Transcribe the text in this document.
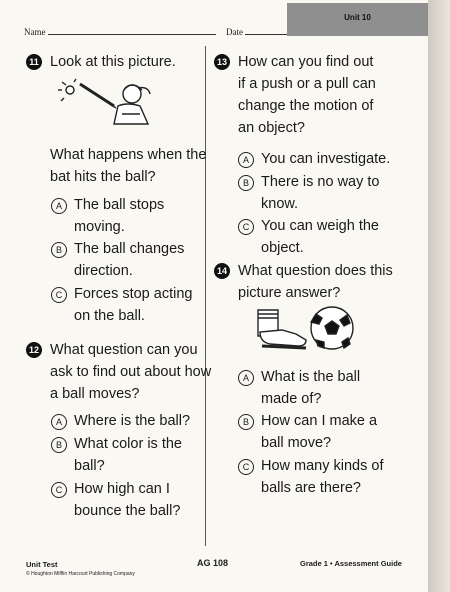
Name	Date
Unit 10
11 Look at this picture.
What happens when the
bat hits the ball?
A The ball stops
moving.
B The ball changes
direction.
C Forces stop acting
on the ball.
12 What question can you
ask to find out about how
a ball moves?
A Where is the ball?
B What color is the
ball?
C How high can I
bounce the ball?
13 How can you find out
if a push or a pull can
change the motion of
an object?
A You can investigate.
B There is no way to
know.
C You can weigh the
object.
14 What question does this
picture answer?
A What is the ball
made of?
B How can I make a
ball move?
C How many kinds of
balls are there?
Unit Test
© Houghton Mifflin Harcourt Publishing Company
AG 108	Grade 1 • Assessment Guide
